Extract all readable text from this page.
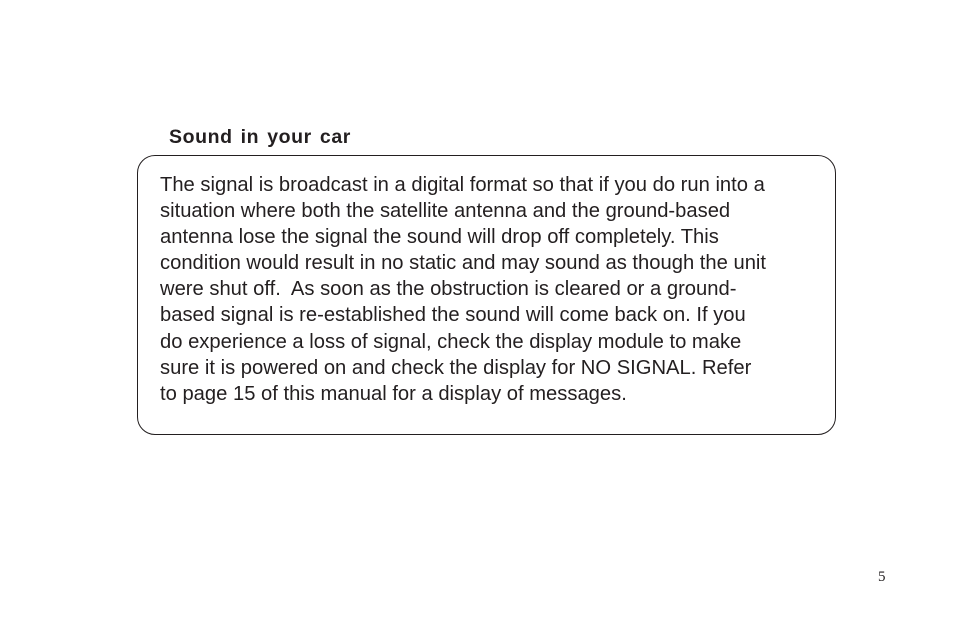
Sound in your car

The signal is broadcast in a digital format so that if you do run into a
situation where both the satellite antenna and the ground-based
antenna lose the signal the sound will drop off completely. This
condition would result in no static and may sound as though the unit
were shut off.  As soon as the obstruction is cleared or a ground-
based signal is re-established the sound will come back on. If you
do experience a loss of signal, check the display module to make
sure it is powered on and check the display for NO SIGNAL. Refer
to page 15 of this manual for a display of messages.

5
